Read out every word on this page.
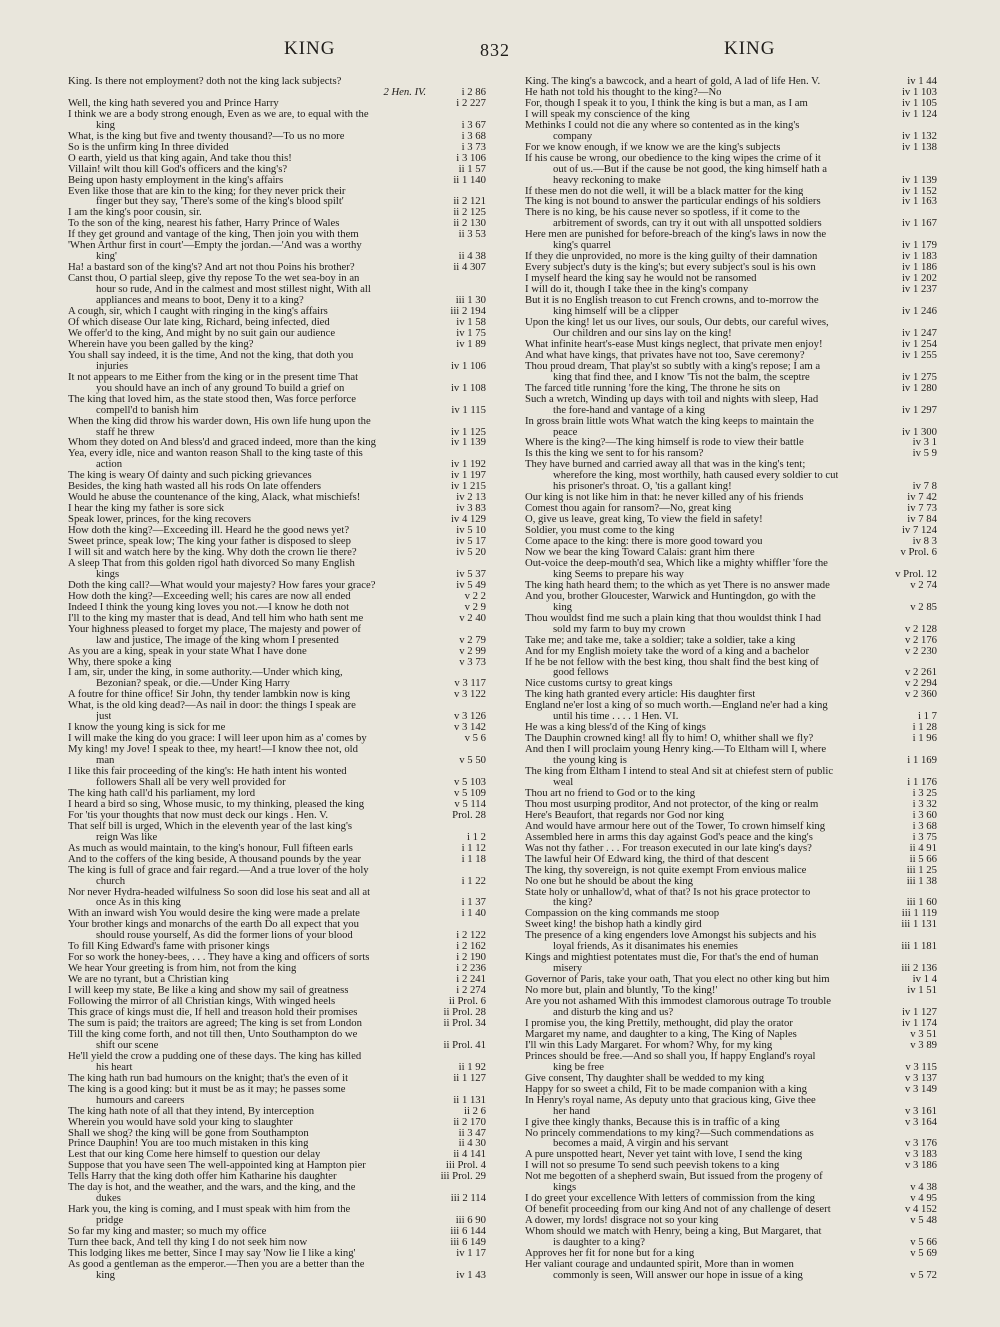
KING	832	KING
King. Is there not employment? doth not the king lack subjects?
2 Hen. IV.	i 2 86
Well, the king hath severed you and Prince Harry	i 2 227
I think we are a body strong enough, Even as we are, to equal with the
king	i 3 67
What, is the king but five and twenty thousand?—To us no more	i 3 68
So is the unfirm king In three divided	i 3 73
O earth, yield us that king again, And take thou this!	i 3 106
Villain! wilt thou kill God's officers and the king's?	ii 1 57
Being upon hasty employment in the king's affairs	ii 1 140
Even like those that are kin to the king; for they never prick their
finger but they say, 'There's some of the king's blood spilt'	ii 2 121
I am the king's poor cousin, sir.	ii 2 125
To the son of the king, nearest his father, Harry Prince of Wales	ii 2 130
If they get ground and vantage of the king, Then join you with them	ii 3 53
'When Arthur first in court'—Empty the jordan.—'And was a worthy
king'	ii 4 38
Ha! a bastard son of the king's? And art not thou Poins his brother?	ii 4 307
Canst thou, O partial sleep, give thy repose To the wet sea-boy in an
hour so rude, And in the calmest and most stillest night, With all
appliances and means to boot, Deny it to a king?	iii 1 30
A cough, sir, which I caught with ringing in the king's affairs	iii 2 194
Of which disease Our late king, Richard, being infected, died	iv 1 58
We offer'd to the king, And might by no suit gain our audience	iv 1 75
Wherein have you been galled by the king?	iv 1 89
You shall say indeed, it is the time, And not the king, that doth you
injuries	iv 1 106
It not appears to me Either from the king or in the present time That
you should have an inch of any ground To build a grief on	iv 1 108
The king that loved him, as the state stood then, Was force perforce
compell'd to banish him	iv 1 115
When the king did throw his warder down, His own life hung upon the
staff he threw	iv 1 125
Whom they doted on And bless'd and graced indeed, more than the king	iv 1 139
Yea, every idle, nice and wanton reason Shall to the king taste of this
action	iv 1 192
The king is weary Of dainty and such picking grievances	iv 1 197
Besides, the king hath wasted all his rods On late offenders	iv 1 215
Would he abuse the countenance of the king, Alack, what mischiefs!	iv 2 13
I hear the king my father is sore sick	iv 3 83
Speak lower, princes, for the king recovers	iv 4 129
How doth the king?—Exceeding ill. Heard he the good news yet?	iv 5 10
Sweet prince, speak low; The king your father is disposed to sleep	iv 5 17
I will sit and watch here by the king. Why doth the crown lie there?	iv 5 20
A sleep That from this golden rigol hath divorced So many English
kings	iv 5 37
Doth the king call?—What would your majesty? How fares your grace?	iv 5 49
How doth the king?—Exceeding well; his cares are now all ended	v 2 2
Indeed I think the young king loves you not.—I know he doth not	v 2 9
I'll to the king my master that is dead, And tell him who hath sent me	v 2 40
Your highness pleased to forget my place, The majesty and power of
law and justice, The image of the king whom I presented	v 2 79
As you are a king, speak in your state What I have done	v 2 99
Why, there spoke a king	v 3 73
I am, sir, under the king, in some authority.—Under which king,
Bezonian? speak, or die.—Under King Harry	v 3 117
A foutre for thine office! Sir John, thy tender lambkin now is king	v 3 122
What, is the old king dead?—As nail in door: the things I speak are
just	v 3 126
I know the young king is sick for me	v 3 142
I will make the king do you grace: I will leer upon him as a' comes by	v 5 6
My king! my Jove! I speak to thee, my heart!—I know thee not, old
man	v 5 50
I like this fair proceeding of the king's: He hath intent his wonted
followers Shall all be very well provided for	v 5 103
The king hath call'd his parliament, my lord	v 5 109
I heard a bird so sing, Whose music, to my thinking, pleased the king	v 5 114
For 'tis your thoughts that now must deck our kings . Hen. V.	Prol. 28
That self bill is urged, Which in the eleventh year of the last king's
reign Was like	i 1 2
As much as would maintain, to the king's honour, Full fifteen earls	i 1 12
And to the coffers of the king beside, A thousand pounds by the year	i 1 18
The king is full of grace and fair regard.—And a true lover of the holy
church	i 1 22
Nor never Hydra-headed wilfulness So soon did lose his seat and all at
once As in this king	i 1 37
With an inward wish You would desire the king were made a prelate	i 1 40
Your brother kings and monarchs of the earth Do all expect that you
should rouse yourself, As did the former lions of your blood	i 2 122
To fill King Edward's fame with prisoner kings	i 2 162
For so work the honey-bees, . . . They have a king and officers of sorts	i 2 190
We hear Your greeting is from him, not from the king	i 2 236
We are no tyrant, but a Christian king	i 2 241
I will keep my state, Be like a king and show my sail of greatness	i 2 274
Following the mirror of all Christian kings, With winged heels	ii Prol. 6
This grace of kings must die, If hell and treason hold their promises	ii Prol. 28
The sum is paid; the traitors are agreed; The king is set from London	ii Prol. 34
Till the king come forth, and not till then, Unto Southampton do we
shift our scene	ii Prol. 41
He'll yield the crow a pudding one of these days. The king has killed
his heart	ii 1 92
The king hath run bad humours on the knight; that's the even of it	ii 1 127
The king is a good king: but it must be as it may; he passes some
humours and careers	ii 1 131
The king hath note of all that they intend, By interception	ii 2 6
Wherein you would have sold your king to slaughter	ii 2 170
Shall we shog? the king will be gone from Southampton	ii 3 47
Prince Dauphin! You are too much mistaken in this king	ii 4 30
Lest that our king Come here himself to question our delay	ii 4 141
Suppose that you have seen The well-appointed king at Hampton pier	iii Prol. 4
Tells Harry that the king doth offer him Katharine his daughter	iii Prol. 29
The day is hot, and the weather, and the wars, and the king, and the
dukes	iii 2 114
Hark you, the king is coming, and I must speak with him from the
pridge	iii 6 90
So far my king and master; so much my office	iii 6 144
Turn thee back, And tell thy king I do not seek him now	iii 6 149
This lodging likes me better, Since I may say 'Now lie I like a king'	iv 1 17
As good a gentleman as the emperor.—Then you are a better than the
king	iv 1 43
King. The king's a bawcock, and a heart of gold, A lad of life Hen. V.	iv 1 44
He hath not told his thought to the king?—No	iv 1 103
For, though I speak it to you, I think the king is but a man, as I am	iv 1 105
I will speak my conscience of the king	iv 1 124
Methinks I could not die any where so contented as in the king's
company	iv 1 132
For we know enough, if we know we are the king's subjects	iv 1 138
If his cause be wrong, our obedience to the king wipes the crime of it
out of us.—But if the cause be not good, the king himself hath a
heavy reckoning to make	iv 1 139
If these men do not die well, it will be a black matter for the king	iv 1 152
The king is not bound to answer the particular endings of his soldiers	iv 1 163
There is no king, be his cause never so spotless, if it come to the
arbitrement of swords, can try it out with all unspotted soldiers	iv 1 167
Here men are punished for before-breach of the king's laws in now the
king's quarrel	iv 1 179
If they die unprovided, no more is the king guilty of their damnation	iv 1 183
Every subject's duty is the king's; but every subject's soul is his own	iv 1 186
I myself heard the king say he would not be ransomed	iv 1 202
I will do it, though I take thee in the king's company	iv 1 237
But it is no English treason to cut French crowns, and to-morrow the
king himself will be a clipper	iv 1 246
Upon the king! let us our lives, our souls, Our debts, our careful wives,
Our children and our sins lay on the king!	iv 1 247
What infinite heart's-ease Must kings neglect, that private men enjoy!	iv 1 254
And what have kings, that privates have not too, Save ceremony?	iv 1 255
Thou proud dream, That play'st so subtly with a king's repose; I am a
king that find thee, and I know 'Tis not the balm, the sceptre	iv 1 275
The farced title running 'fore the king, The throne he sits on	iv 1 280
Such a wretch, Winding up days with toil and nights with sleep, Had
the fore-hand and vantage of a king	iv 1 297
In gross brain little wots What watch the king keeps to maintain the
peace	iv 1 300
Where is the king?—The king himself is rode to view their battle	iv 3 1
Is this the king we sent to for his ransom?	iv 5 9
They have burned and carried away all that was in the king's tent;
wherefore the king, most worthily, hath caused every soldier to cut
his prisoner's throat. O, 'tis a gallant king!	iv 7 8
Our king is not like him in that: he never killed any of his friends	iv 7 42
Comest thou again for ransom?—No, great king	iv 7 73
O, give us leave, great king, To view the field in safety!	iv 7 84
Soldier, you must come to the king	iv 7 124
Come apace to the king: there is more good toward you	iv 8 3
Now we bear the king Toward Calais: grant him there	v Prol. 6
Out-voice the deep-mouth'd sea, Which like a mighty whiffler 'fore the
king Seems to prepare his way	v Prol. 12
The king hath heard them; to the which as yet There is no answer made	v 2 74
And you, brother Gloucester, Warwick and Huntingdon, go with the
king	v 2 85
Thou wouldst find me such a plain king that thou wouldst think I had
sold my farm to buy my crown	v 2 128
Take me; and take me, take a soldier; take a soldier, take a king	v 2 176
And for my English moiety take the word of a king and a bachelor	v 2 230
If he be not fellow with the best king, thou shalt find the best king of
good fellows	v 2 261
Nice customs curtsy to great kings	v 2 294
The king hath granted every article: His daughter first	v 2 360
England ne'er lost a king of so much worth.—England ne'er had a king
until his time . . . . 1 Hen. VI.	i 1 7
He was a king bless'd of the King of kings	i 1 28
The Dauphin crowned king! all fly to him! O, whither shall we fly?	i 1 96
And then I will proclaim young Henry king.—To Eltham will I, where
the young king is	i 1 169
The king from Eltham I intend to steal And sit at chiefest stern of public
weal	i 1 176
Thou art no friend to God or to the king	i 3 25
Thou most usurping proditor, And not protector, of the king or realm	i 3 32
Here's Beaufort, that regards nor God nor king	i 3 60
And would have armour here out of the Tower, To crown himself king	i 3 68
Assembled here in arms this day against God's peace and the king's	i 3 75
Was not thy father . . . For treason executed in our late king's days?	ii 4 91
The lawful heir Of Edward king, the third of that descent	ii 5 66
The king, thy sovereign, is not quite exempt From envious malice	iii 1 25
No one but he should be about the king	iii 1 38
State holy or unhallow'd, what of that? Is not his grace protector to
the king?	iii 1 60
Compassion on the king commands me stoop	iii 1 119
Sweet king! the bishop hath a kindly gird	iii 1 131
The presence of a king engenders love Amongst his subjects and his
loyal friends, As it disanimates his enemies	iii 1 181
Kings and mightiest potentates must die, For that's the end of human
misery	iii 2 136
Governor of Paris, take your oath, That you elect no other king but him	iv 1 4
No more but, plain and bluntly, 'To the king!'	iv 1 51
Are you not ashamed With this immodest clamorous outrage To trouble
and disturb the king and us?	iv 1 127
I promise you, the king Prettily, methought, did play the orator	iv 1 174
Margaret my name, and daughter to a king, The King of Naples	v 3 51
I'll win this Lady Margaret. For whom? Why, for my king	v 3 89
Princes should be free.—And so shall you, If happy England's royal
king be free	v 3 115
Give consent, Thy daughter shall be wedded to my king	v 3 137
Happy for so sweet a child, Fit to be made companion with a king	v 3 149
In Henry's royal name, As deputy unto that gracious king, Give thee
her hand	v 3 161
I give thee kingly thanks, Because this is in traffic of a king	v 3 164
No princely commendations to my king?—Such commendations as
becomes a maid, A virgin and his servant	v 3 176
A pure unspotted heart, Never yet taint with love, I send the king	v 3 183
I will not so presume To send such peevish tokens to a king	v 3 186
Not me begotten of a shepherd swain, But issued from the progeny of
kings	v 4 38
I do greet your excellence With letters of commission from the king	v 4 95
Of benefit proceeding from our king And not of any challenge of desert	v 4 152
A dower, my lords! disgrace not so your king	v 5 48
Whom should we match with Henry, being a king, But Margaret, that
is daughter to a king?	v 5 66
Approves her fit for none but for a king	v 5 69
Her valiant courage and undaunted spirit, More than in women
commonly is seen, Will answer our hope in issue of a king	v 5 72
